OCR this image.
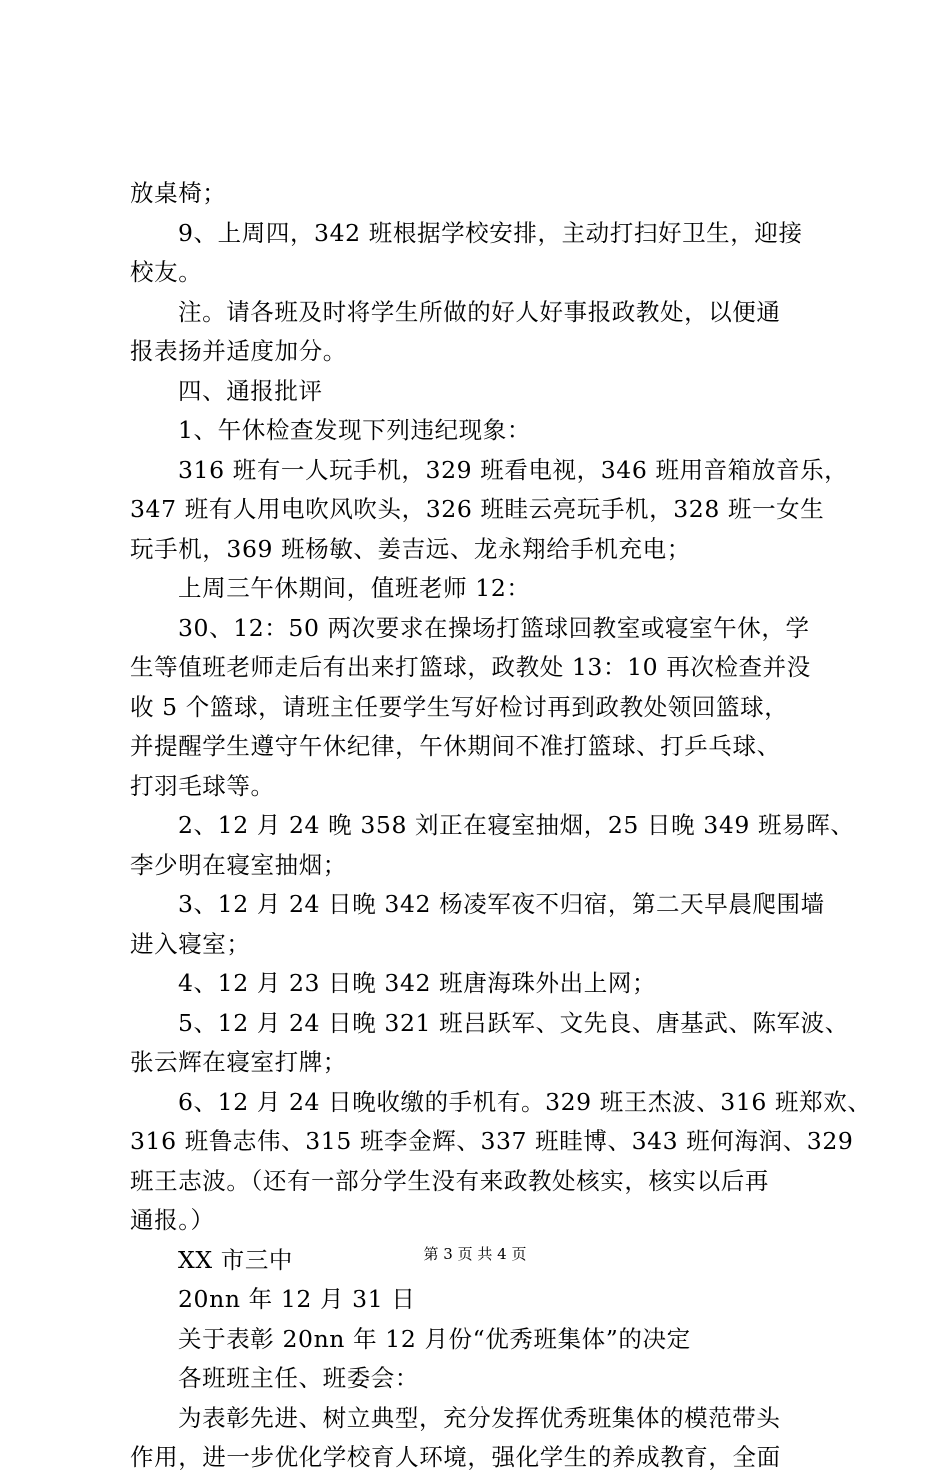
放桌椅；
9、上周四，342 班根据学校安排，主动打扫好卫生，迎接
校友。
注。请各班及时将学生所做的好人好事报政教处，以便通
报表扬并适度加分。
四、通报批评
1、午休检查发现下列违纪现象：
316 班有一人玩手机，329 班看电视，346 班用音箱放音乐，
347 班有人用电吹风吹头，326 班眭云亮玩手机，328 班一女生
玩手机，369 班杨敏、姜吉远、龙永翔给手机充电；
上周三午休期间，值班老师 12：
30、12：50 两次要求在操场打篮球回教室或寝室午休，学
生等值班老师走后有出来打篮球，政教处 13：10 再次检查并没
收 5 个篮球，请班主任要学生写好检讨再到政教处领回篮球，
并提醒学生遵守午休纪律，午休期间不准打篮球、打乒乓球、
打羽毛球等。
2、12 月 24 晚 358 刘正在寝室抽烟，25 日晚 349 班易晖、
李少明在寝室抽烟；
3、12 月 24 日晚 342 杨凌军夜不归宿，第二天早晨爬围墙
进入寝室；
4、12 月 23 日晚 342 班唐海珠外出上网；
5、12 月 24 日晚 321 班吕跃军、文先良、唐基武、陈军波、
张云辉在寝室打牌；
6、12 月 24 日晚收缴的手机有。329 班王杰波、316 班郑欢、
316 班鲁志伟、315 班李金辉、337 班眭博、343 班何海润、329
班王志波。（还有一部分学生没有来政教处核实，核实以后再
通报。）
XX 市三中
20nn 年 12 月 31 日
关于表彰 20nn 年 12 月份“优秀班集体”的决定
各班班主任、班委会：
为表彰先进、树立典型，充分发挥优秀班集体的模范带头
作用，进一步优化学校育人环境，强化学生的养成教育，全面
第 3 页 共 4 页
